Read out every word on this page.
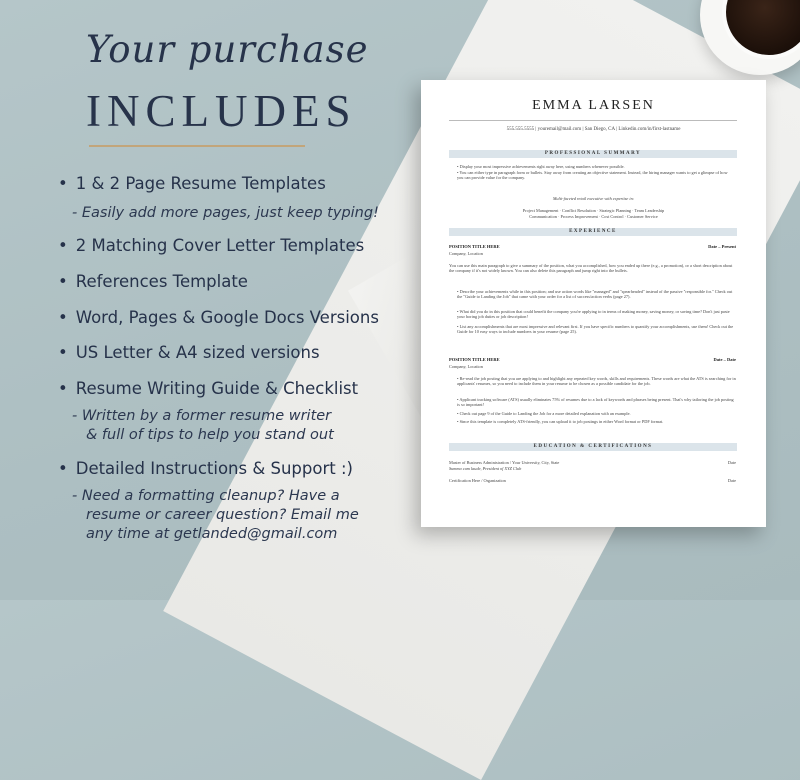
Your purchase
INCLUDES
• 1 & 2 Page Resume Templates
- Easily add more pages, just keep typing!
• 2 Matching Cover Letter Templates
• References Template
• Word, Pages & Google Docs Versions
• US Letter & A4 sized versions
• Resume Writing Guide & Checklist
- Written by a former resume writer
& full of tips to help you stand out
• Detailed Instructions & Support :)
- Need a formatting cleanup? Have a
resume or career question? Email me
any time at getlanded@gmail.com
EMMA LARSEN
555.555.5555 | youremail@mail.com | San Diego, CA | Linkedin.com/in/first-lastname
PROFESSIONAL SUMMARY
• Display your most impressive achievements right away here, using numbers whenever possible.
• You can either type in paragraph form or bullets. Stay away from creating an objective statement. Instead, the hiring manager wants to get a glimpse of how you can provide value for the company.
Multi-faceted retail executive with expertise in:
Project Management · Conflict Resolution · Strategic Planning · Team Leadership
Communication · Process Improvement · Cost Control · Customer Service
EXPERIENCE
POSITION TITLE HERE	Date – Present
Company, Location
You can use this main paragraph to give a summary of the position, what you accomplished, how you ended up there (e.g., a promotion), or a short description about the company if it's not widely known. You can also delete this paragraph and jump right into the bullets.
• Describe your achievements while in this position; and use action words like "managed" and "spearheaded" instead of the passive "responsible for." Check out the "Guide to Landing the Job" that came with your order for a list of success/action verbs (page 27).
• What did you do in this position that could benefit the company you're applying to in terms of making money, saving money, or saving time? Don't just paste your boring job duties or job description!
• List any accomplishments that are most impressive and relevant first. If you have specific numbers to quantify your accomplishments, use them! Check out the Guide for 10 easy ways to include numbers in your resume (page 25).
POSITION TITLE HERE	Date – Date
Company, Location
• Re-read the job posting that you are applying to and highlight any repeated key words, skills and requirements. These words are what the ATS is searching for in applicants' resumes, so you need to include them in your resume to be chosen as a possible candidate for the job.
• Applicant tracking software (ATS) usually eliminates 75% of resumes due to a lack of keywords and phrases being present. That's why tailoring the job posting is so important!
• Check out page 9 of the Guide to Landing the Job for a more detailed explanation with an example.
• Since this template is completely ATS-friendly, you can upload it to job postings in either Word format or PDF format.
EDUCATION & CERTIFICATIONS
Master of Business Administration / Your University, City, State	Date
Summa cum laude, President of XYZ Club
Certification Here / Organization	Date
